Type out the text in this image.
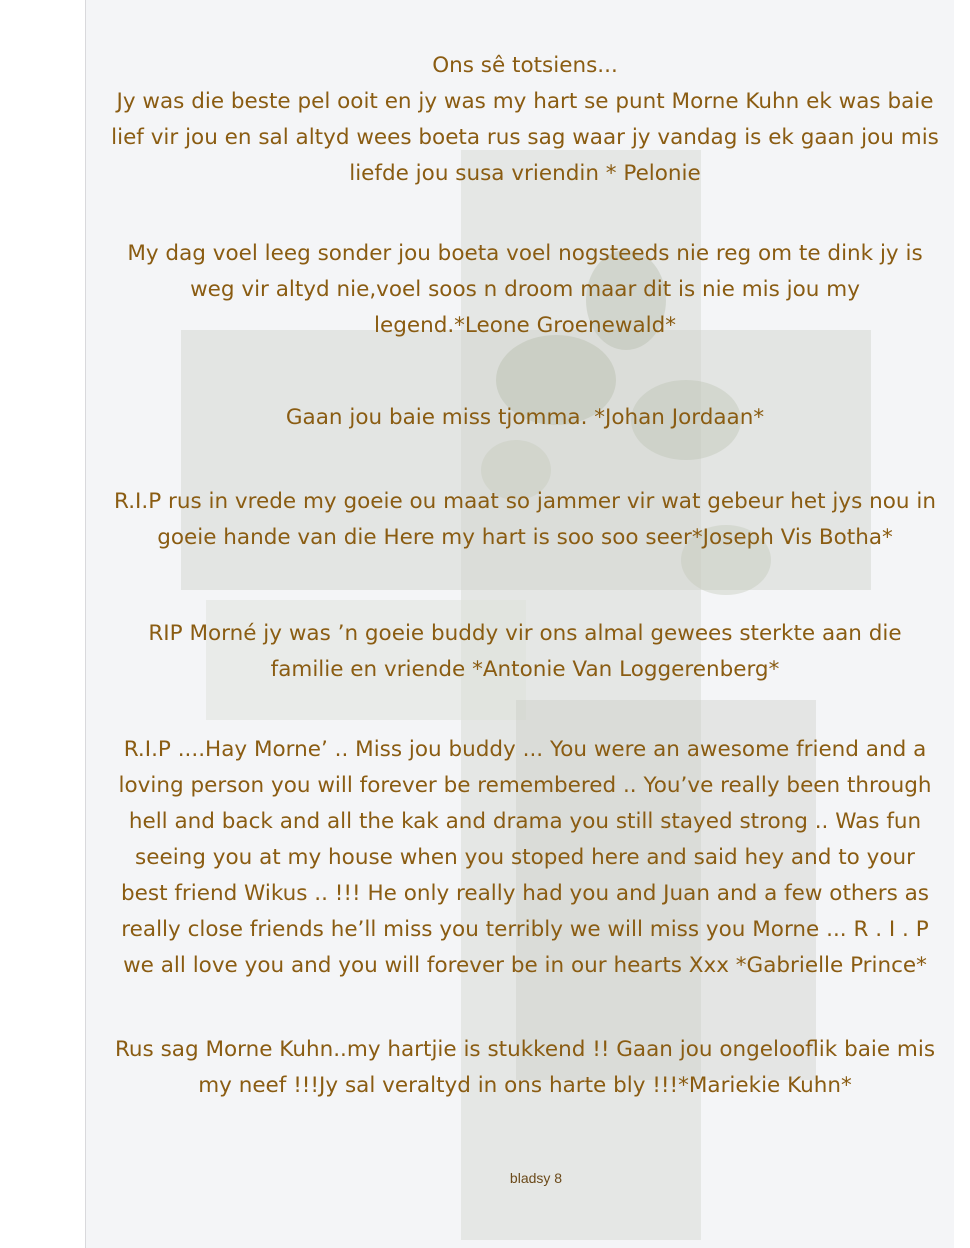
Ons sê totsiens...

Jy was die beste pel ooit en jy was my hart se punt Morne Kuhn ek was baie lief vir jou en sal altyd wees boeta rus sag waar jy vandag is ek gaan jou mis liefde jou susa vriendin * Pelonie

My dag voel leeg sonder jou boeta voel nogsteeds nie reg om te dink jy is weg vir altyd nie,voel soos n droom maar dit is nie mis jou my legend.*Leone Groenewald*

Gaan jou baie miss tjomma. *Johan Jordaan*

R.I.P rus in vrede my goeie ou maat so jammer vir wat gebeur het jys nou in goeie hande van die Here my hart is soo soo seer*Joseph Vis Botha*

RIP Morné jy was ’n goeie buddy vir ons almal gewees sterkte aan die familie en vriende *Antonie Van Loggerenberg*

R.I.P ....Hay Morne’ .. Miss jou buddy ... You were an awesome friend and a loving person you will forever be remembered .. You’ve really been through hell and back and all the kak and drama you still stayed strong .. Was fun seeing you at my house when you stoped here and said hey and to your best friend Wikus .. !!! He only really had you and Juan and a few others as really close friends he’ll miss you terribly we will miss you Morne ... R . I . P we all love you and you will forever be in our hearts Xxx *Gabrielle Prince*

Rus sag Morne Kuhn..my hartjie is stukkend !! Gaan jou ongelooflik baie mis my neef !!!Jy sal veraltyd in ons harte bly !!!*Mariekie Kuhn*

bladsy 8
